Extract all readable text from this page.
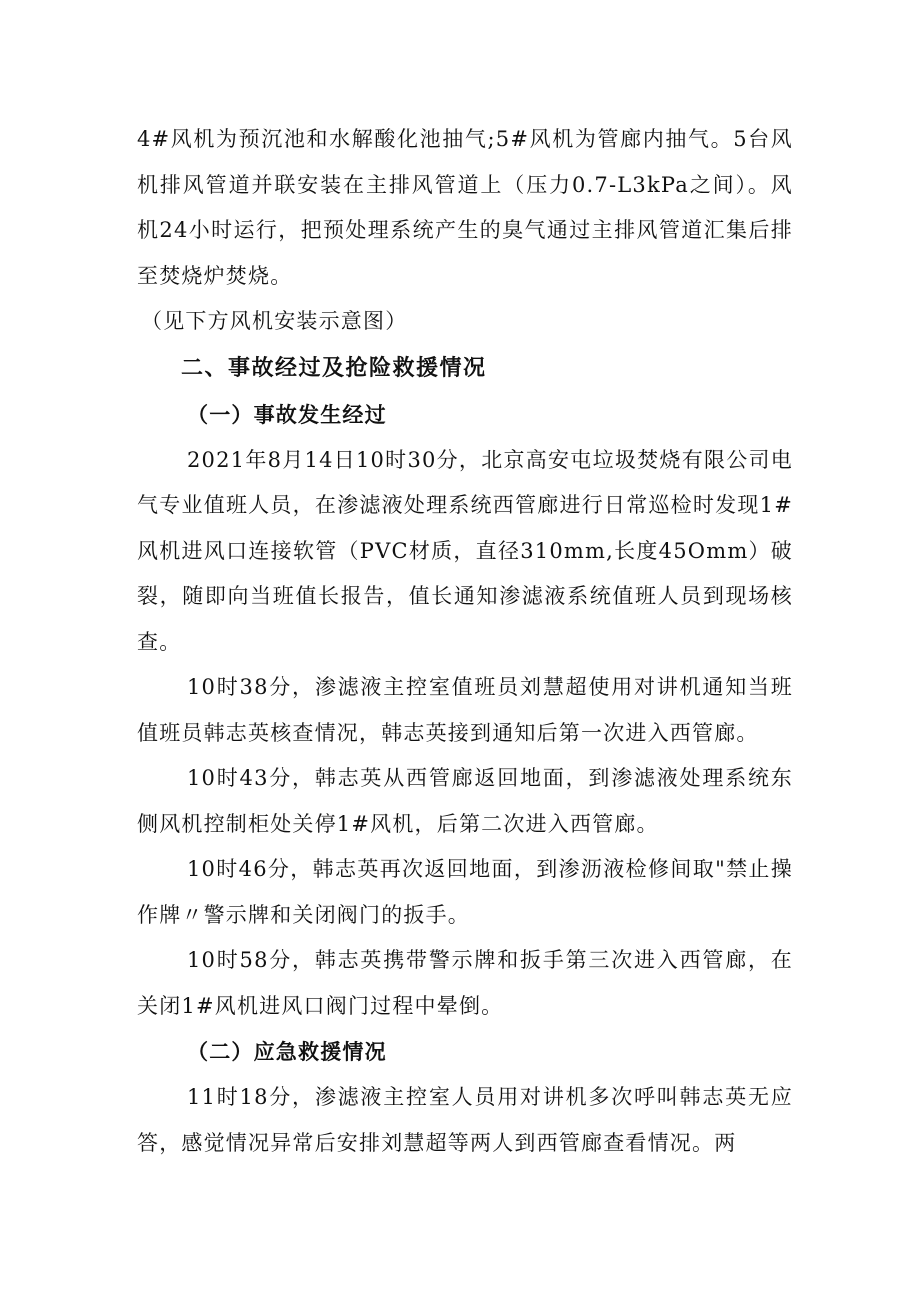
4#风机为预沉池和水解酸化池抽气;5#风机为管廊内抽气。5台风机排风管道并联安装在主排风管道上（压力0.7-L3kPa之间）。风机24小时运行，把预处理系统产生的臭气通过主排风管道汇集后排至焚烧炉焚烧。

（见下方风机安装示意图）

二、事故经过及抢险救援情况
（一）事故发生经过

2021年8月14日10时30分，北京高安屯垃圾焚烧有限公司电气专业值班人员，在渗滤液处理系统西管廊进行日常巡检时发现1#风机进风口连接软管（PVC材质，直径310mm,长度45Omm）破裂，随即向当班值长报告，值长通知渗滤液系统值班人员到现场核查。

10时38分，渗滤液主控室值班员刘慧超使用对讲机通知当班值班员韩志英核查情况，韩志英接到通知后第一次进入西管廊。

10时43分，韩志英从西管廊返回地面，到渗滤液处理系统东侧风机控制柜处关停1#风机，后第二次进入西管廊。

10时46分，韩志英再次返回地面，到渗沥液检修间取"禁止操作牌〃警示牌和关闭阀门的扳手。

10时58分，韩志英携带警示牌和扳手第三次进入西管廊，在关闭1#风机进风口阀门过程中晕倒。

（二）应急救援情况

11时18分，渗滤液主控室人员用对讲机多次呼叫韩志英无应答，感觉情况异常后安排刘慧超等两人到西管廊查看情况。两
